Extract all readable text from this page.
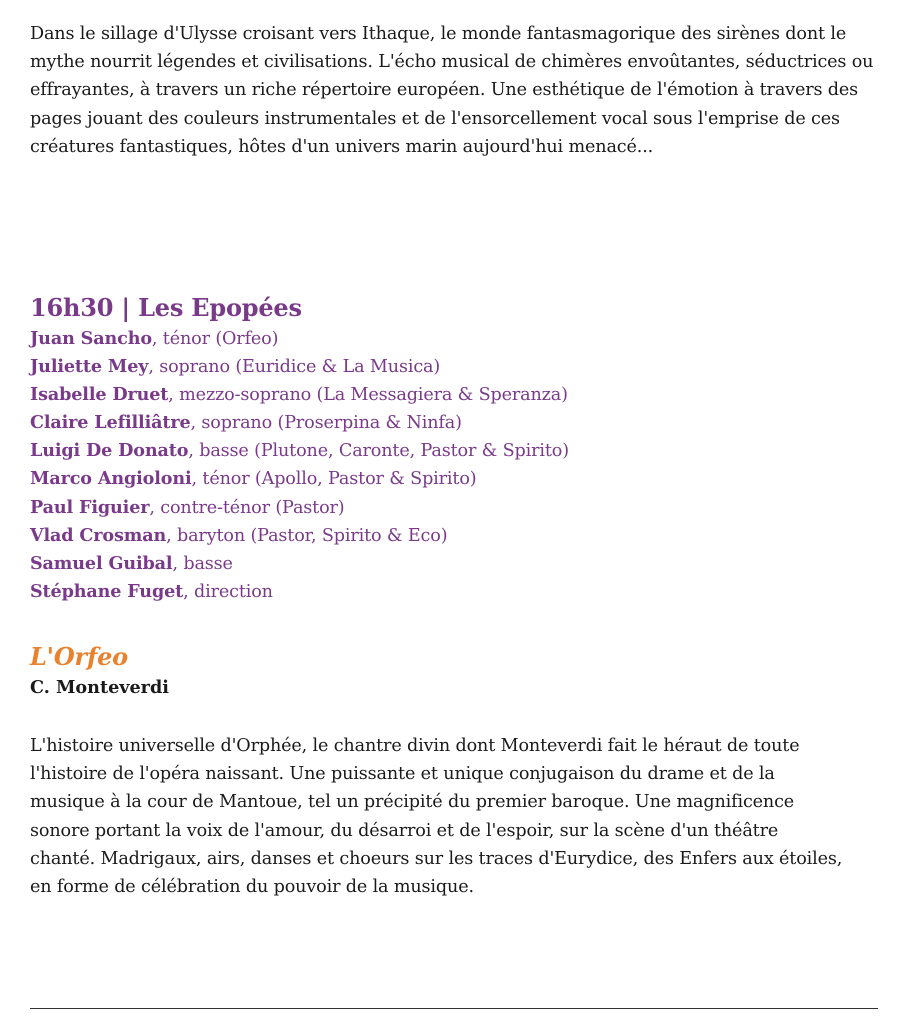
Dans le sillage d'Ulysse croisant vers Ithaque, le monde fantasmagorique des sirènes dont le mythe nourrit légendes et civilisations. L'écho musical de chimères envoûtantes, séductrices ou effrayantes, à travers un riche répertoire européen. Une esthétique de l'émotion à travers des pages jouant des couleurs instrumentales et de l'ensorcellement vocal sous l'emprise de ces créatures fantastiques, hôtes d'un univers marin aujourd'hui menacé...

16h30 | Les Epopées
Juan Sancho, ténor (Orfeo)
Juliette Mey, soprano (Euridice & La Musica)
Isabelle Druet, mezzo-soprano (La Messagiera & Speranza)
Claire Lefilliâtre, soprano (Proserpina & Ninfa)
Luigi De Donato, basse (Plutone, Caronte, Pastor & Spirito)
Marco Angioloni, ténor (Apollo, Pastor & Spirito)
Paul Figuier, contre-ténor (Pastor)
Vlad Crosman, baryton (Pastor, Spirito & Eco)
Samuel Guibal, basse
Stéphane Fuget, direction
L'Orfeo

C. Monteverdi

L'histoire universelle d'Orphée, le chantre divin dont Monteverdi fait le héraut de toute
l'histoire de l'opéra naissant. Une puissante et unique conjugaison du drame et de la
musique à la cour de Mantoue, tel un précipité du premier baroque. Une magnificence
sonore portant la voix de l'amour, du désarroi et de l'espoir, sur la scène d'un théâtre
chanté. Madrigaux, airs, danses et choeurs sur les traces d'Eurydice, des Enfers aux étoiles,
en forme de célébration du pouvoir de la musique.
